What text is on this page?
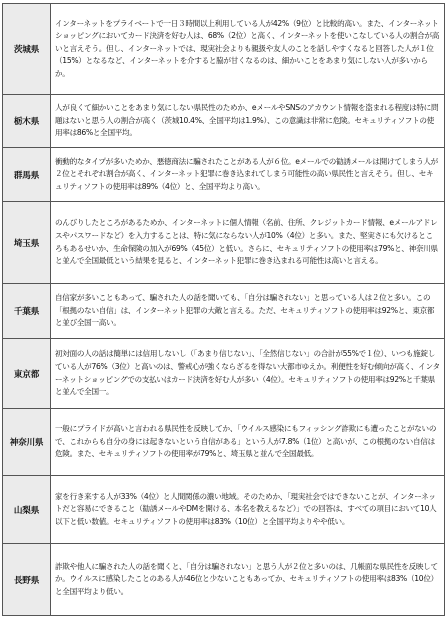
茨城県	インターネットをプライベートで一日３時間以上利用している人が42%（9位）と比較的高い。また、インターネットショッピングにおいてカード決済を好む人は、68%（2位）と高く、インターネットを使いこなしている人の割合が高いと言えそう。但し、インターネットでは、現実社会よりも親扱や友人のことを話しやすくなると回答した人が１位（15%）となるなど、インターネットを介すると脇が甘くなるのは、細かいことをあまり気にしない人が多いからか。
栃木県	人が良くて細かいことをあまり気にしない県民性のためか、eメールやSNSのアカウント情報を盗まれる程度は特に問題はないと思う人の割合が高く（茨城10.4%、全国平均は1.9%）、この意識は非常に危険。セキュリティソフトの使用率は86%と全国平均。
群馬県	衝動的なタイプが多いためか、悪徳商法に騙されたことがある人が６位。eメールでの勧誘メールは開けてしまう人が２位とそれぞれ割合が高く、インターネット犯罪に巻き込まれてしまう可能性の高い県民性と言えそう。但し、セキュリティソフトの使用率は89%（4位）と、全国平均より高い。
埼玉県	のんびりしたところがあるためか、インターネットに個人情報（名前、住所、クレジットカード情報、eメールアドレスやパスワードなど）を入力することは、特に気にならない人が10%（4位）と多い。また、堅実さにも欠けるところもあるせいか、生命保険の加入が69%（45位）と低い。さらに、セキュリティソフトの使用率は79%と、神奈川県と並んで全国最低という結果を見ると、インターネット犯罪に巻き込まれる可能性は高いと言える。
千葉県	自信家が多いこともあって、騙された人の話を聞いても、「自分は騙されない」と思っている人は２位と多い。この「根拠のない自信」は、インターネット犯罪の大敵と言える。ただ、セキュリティソフトの使用率は92%と、東京都と並び全国一高い。
東京都	初対面の人の話は簡単には信用しないし（「あまり信じない」、「全然信じない」の合計が55%で１位）、いつも施錠している人が76%（3位）と高いのは、警戒心が強くならざるを得ない大都市ゆえか。利便性を好む傾向が高く、インターネットショッピングでの支払いはカード決済を好む人が多い（4位）。セキュリティソフトの使用率は92%と千葉県と並んで全国一。
神奈川県	一般にプライドが高いと言われる県民性を反映してか、「ウイルス感染にもフィッシング詐欺にも遭ったことがないので、これからも自分の身には起きないという自信がある」という人が7.8%（1位）と高いが、この根拠のない自信は危険。また、セキュリティソフトの使用率が79%と、埼玉県と並んで全国最低。
山梨県	家を行き来する人が33%（4位）と人間関係の濃い地域。そのためか、「現実社会ではできないことが、インターネットだと容易にできること（勧誘メールやDMを開ける、本名を教えるなど）」での回答は、すべての項目において10人以下と低い数値。セキュリティソフトの使用率は83%（10位）と全国平均よりやや低い。
長野県	詐欺や他人に騙された人の話を聞くと、「自分は騙されない」と思う人が２位と多いのは、几帳面な県民性を反映してか。ウイルスに感染したことのある人が46位と少ないこともあってか、セキュリティソフトの使用率は83%（10位）と全国平均より低い。
